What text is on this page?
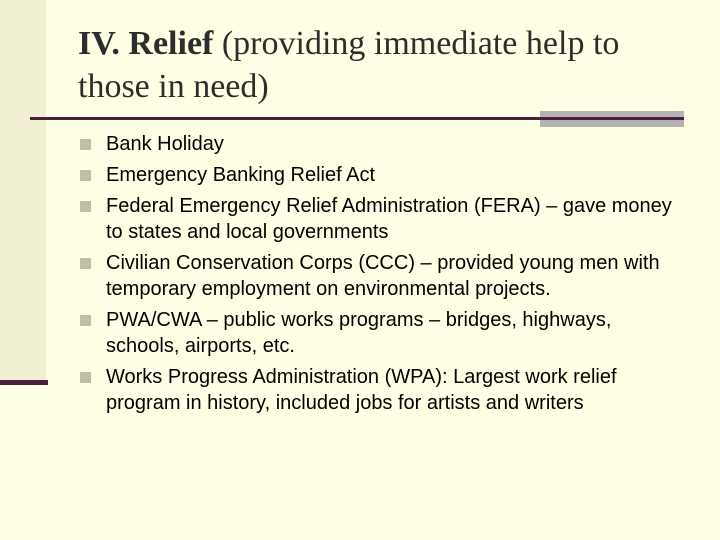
IV. Relief (providing immediate help to those in need)
Bank Holiday
Emergency Banking Relief Act
Federal Emergency Relief Administration (FERA) – gave money to states and local governments
Civilian Conservation Corps (CCC) – provided young men with temporary employment on environmental projects.
PWA/CWA – public works programs – bridges, highways, schools, airports, etc.
Works Progress Administration (WPA): Largest work relief program in history, included jobs for artists and writers
